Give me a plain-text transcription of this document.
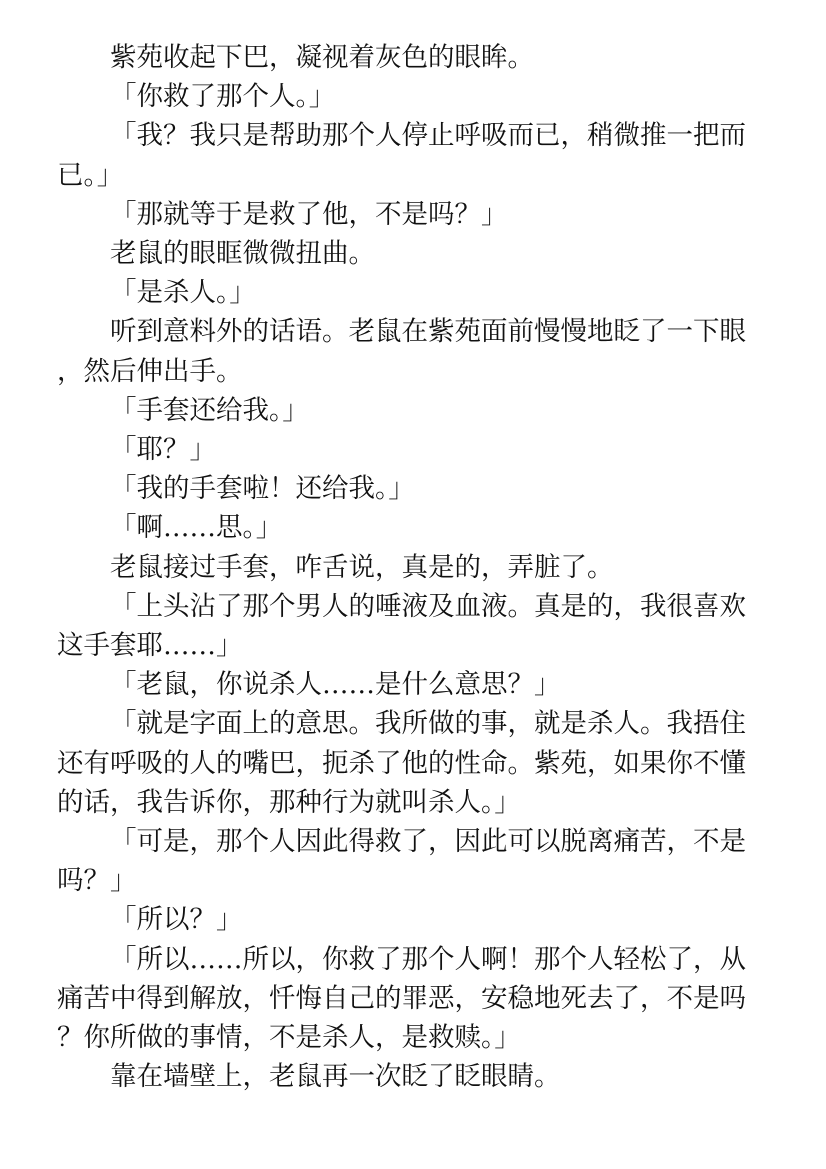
紫苑收起下巴，凝视着灰色的眼眸。

「你救了那个人。」

「我？我只是帮助那个人停止呼吸而已，稍微推一把而已。」

「那就等于是救了他，不是吗？」

老鼠的眼眶微微扭曲。

「是杀人。」

听到意料外的话语。老鼠在紫苑面前慢慢地眨了一下眼，然后伸出手。

「手套还给我。」

「耶？」

「我的手套啦！还给我。」

「啊……思。」

老鼠接过手套，咋舌说，真是的，弄脏了。

「上头沾了那个男人的唾液及血液。真是的，我很喜欢这手套耶……」

「老鼠，你说杀人……是什么意思？」

「就是字面上的意思。我所做的事，就是杀人。我捂住还有呼吸的人的嘴巴，扼杀了他的性命。紫苑，如果你不懂的话，我告诉你，那种行为就叫杀人。」

「可是，那个人因此得救了，因此可以脱离痛苦，不是吗？」

「所以？」

「所以……所以，你救了那个人啊！那个人轻松了，从痛苦中得到解放，忏悔自己的罪恶，安稳地死去了，不是吗？你所做的事情，不是杀人，是救赎。」

靠在墙壁上，老鼠再一次眨了眨眼睛。
